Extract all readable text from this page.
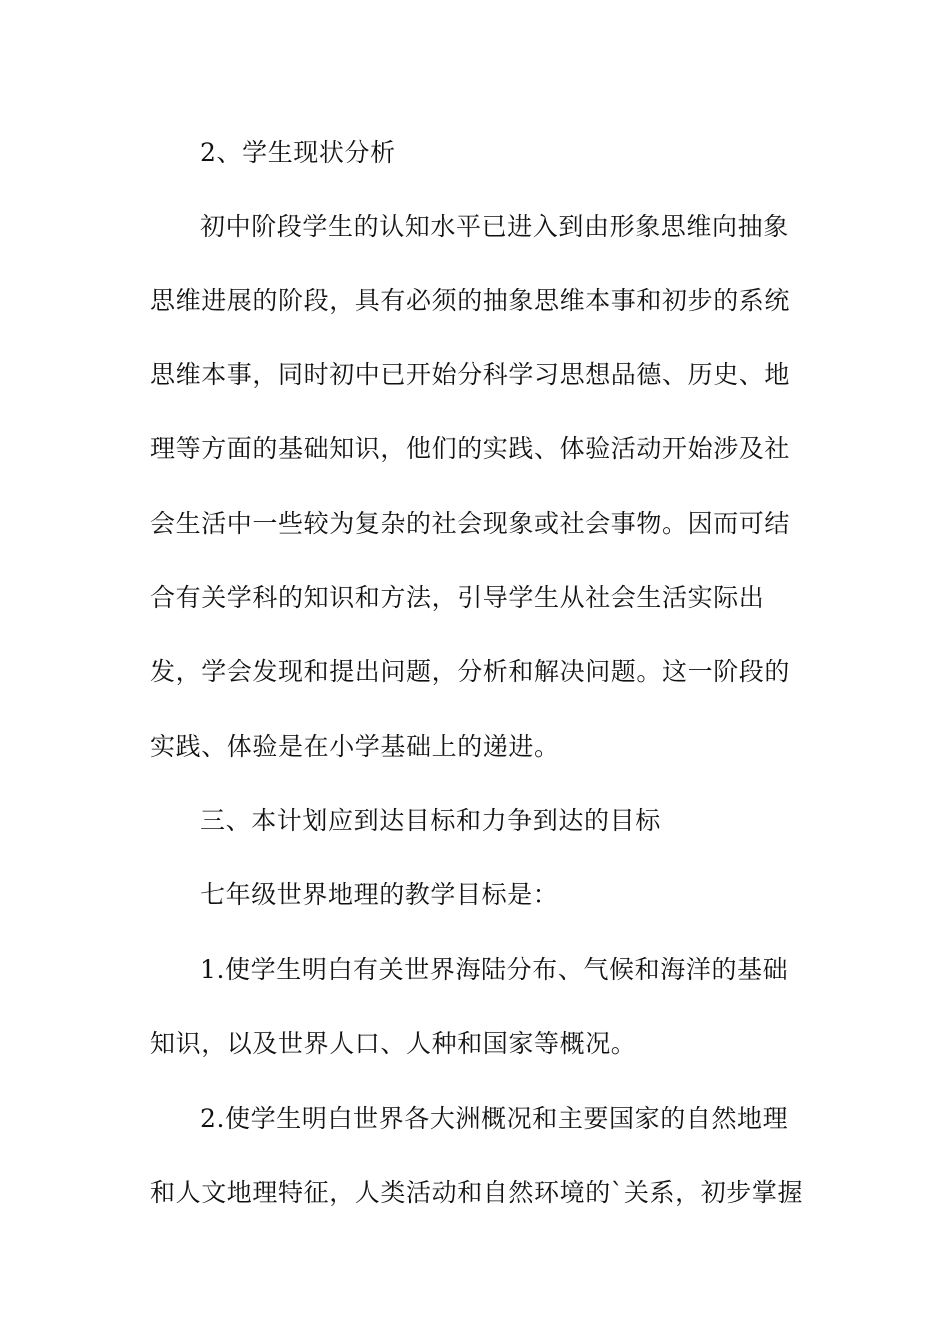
2、学生现状分析
初中阶段学生的认知水平已进入到由形象思维向抽象
思维进展的阶段，具有必须的抽象思维本事和初步的系统
思维本事，同时初中已开始分科学习思想品德、历史、地
理等方面的基础知识，他们的实践、体验活动开始涉及社
会生活中一些较为复杂的社会现象或社会事物。因而可结
合有关学科的知识和方法，引导学生从社会生活实际出
发，学会发现和提出问题，分析和解决问题。这一阶段的
实践、体验是在小学基础上的递进。
三、本计划应到达目标和力争到达的目标
七年级世界地理的教学目标是：
1.使学生明白有关世界海陆分布、气候和海洋的基础
知识，以及世界人口、人种和国家等概况。
2.使学生明白世界各大洲概况和主要国家的自然地理
和人文地理特征，人类活动和自然环境的`关系，初步掌握
